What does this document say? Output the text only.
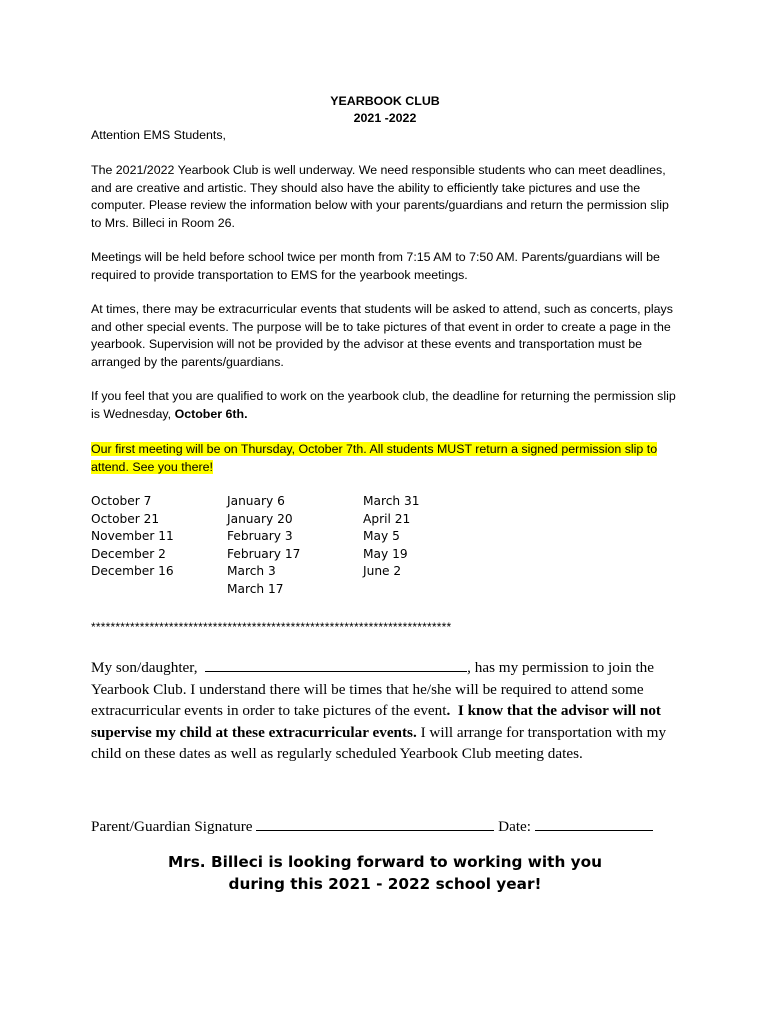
YEARBOOK CLUB
2021 -2022

Attention EMS Students,

The 2021/2022 Yearbook Club is well underway. We need responsible students who can meet deadlines, and are creative and artistic. They should also have the ability to efficiently take pictures and use the computer. Please review the information below with your parents/guardians and return the permission slip to Mrs. Billeci in Room 26.

Meetings will be held before school twice per month from 7:15 AM to 7:50 AM. Parents/guardians will be required to provide transportation to EMS for the yearbook meetings.

At times, there may be extracurricular events that students will be asked to attend, such as concerts, plays and other special events. The purpose will be to take pictures of that event in order to create a page in the yearbook. Supervision will not be provided by the advisor at these events and transportation must be arranged by the parents/guardians.

If you feel that you are qualified to work on the yearbook club, the deadline for returning the permission slip is Wednesday, October 6th.

Our first meeting will be on Thursday, October 7th. All students MUST return a signed permission slip to attend. See you there!

October 7
October 21
November 11
December 2
December 16
January 6
January 20
February 3
February 17
March 3
March 17
March 31
April 21
May 5
May 19
June 2
**************************************************************************

My son/daughter,	, has my permission to join the Yearbook Club. I understand there will be times that he/she will be required to attend some extracurricular events in order to take pictures of the event.  I know that the advisor will not supervise my child at these extracurricular events. I will arrange for transportation with my child on these dates as well as regularly scheduled Yearbook Club meeting dates.

Parent/Guardian Signature	Date:

Mrs. Billeci is looking forward to working with you
during this 2021 - 2022 school year!
